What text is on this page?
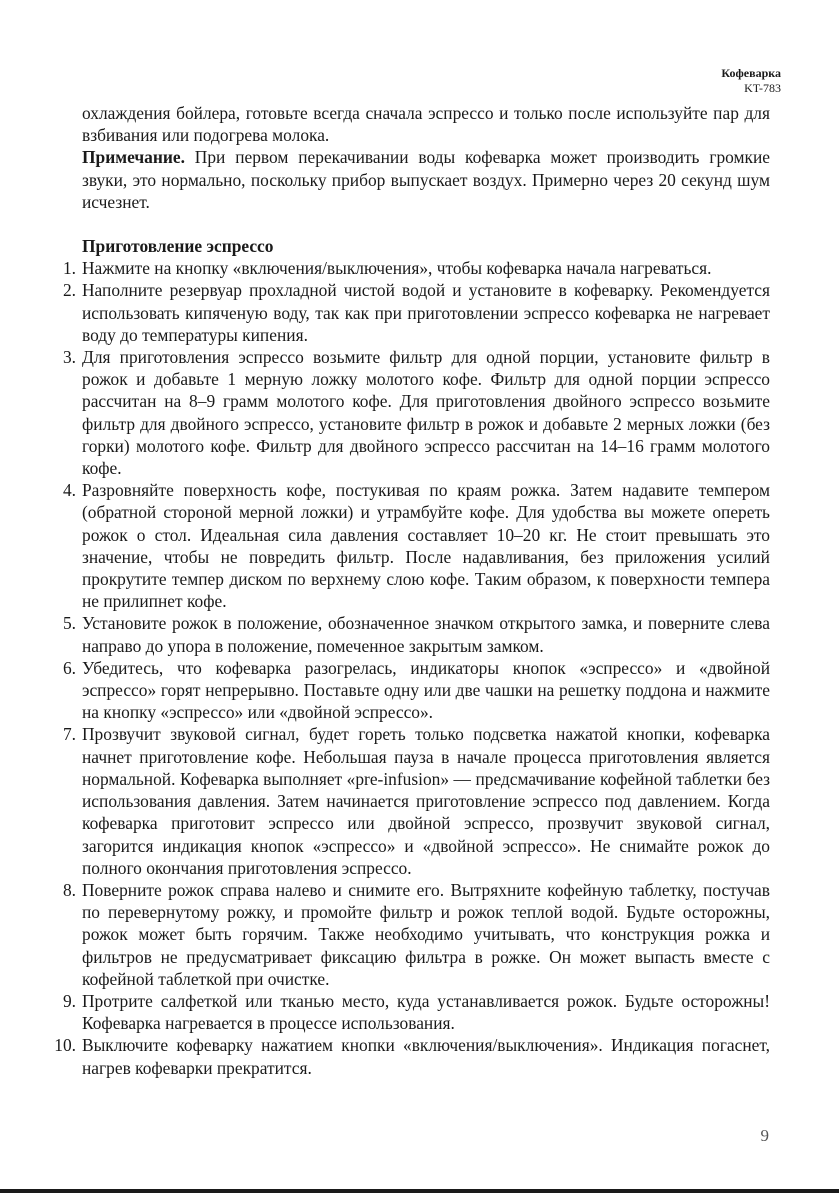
Кофеварка
KT-783

охлаждения бойлера, готовьте всегда сначала эспрессо и только после используйте пар для взбивания или подогрева молока.

Примечание. При первом перекачивании воды кофеварка может производить громкие звуки, это нормально, поскольку прибор выпускает воздух. Примерно через 20 секунд шум исчезнет.

Приготовление эспрессо

1. Нажмите на кнопку «включения/выключения», чтобы кофеварка начала нагреваться.
2. Наполните резервуар прохладной чистой водой и установите в кофеварку. Рекомендуется использовать кипяченую воду, так как при приготовлении эспрессо кофеварка не нагревает воду до температуры кипения.
3. Для приготовления эспрессо возьмите фильтр для одной порции, установите фильтр в рожок и добавьте 1 мерную ложку молотого кофе. Фильтр для одной порции эспрессо рассчитан на 8–9 грамм молотого кофе. Для приготовления двойного эспрессо возьмите фильтр для двойного эспрессо, установите фильтр в рожок и добавьте 2 мерных ложки (без горки) молотого кофе. Фильтр для двойного эспрессо рассчитан на 14–16 грамм молотого кофе.
4. Разровняйте поверхность кофе, постукивая по краям рожка. Затем надавите темпером (обратной стороной мерной ложки) и утрамбуйте кофе. Для удобства вы можете опереть рожок о стол. Идеальная сила давления составляет 10–20 кг. Не стоит превышать это значение, чтобы не повредить фильтр. После надавливания, без приложения усилий прокрутите темпер диском по верхнему слою кофе. Таким образом, к поверхности темпера не прилипнет кофе.
5. Установите рожок в положение, обозначенное значком открытого замка, и поверните слева направо до упора в положение, помеченное закрытым замком.
6. Убедитесь, что кофеварка разогрелась, индикаторы кнопок «эспрессо» и «двойной эспрессо» горят непрерывно. Поставьте одну или две чашки на решетку поддона и нажмите на кнопку «эспрессо» или «двойной эспрессо».
7. Прозвучит звуковой сигнал, будет гореть только подсветка нажатой кнопки, кофеварка начнет приготовление кофе. Небольшая пауза в начале процесса приготовления является нормальной. Кофеварка выполняет «pre-infusion» — предсмачивание кофейной таблетки без использования давления. Затем начинается приготовление эспрессо под давлением. Когда кофеварка приготовит эспрессо или двойной эспрессо, прозвучит звуковой сигнал, загорится индикация кнопок «эспрессо» и «двойной эспрессо». Не снимайте рожок до полного окончания приготовления эспрессо.
8. Поверните рожок справа налево и снимите его. Вытряхните кофейную таблетку, постучав по перевернутому рожку, и промойте фильтр и рожок теплой водой. Будьте осторожны, рожок может быть горячим. Также необходимо учитывать, что конструкция рожка и фильтров не предусматривает фиксацию фильтра в рожке. Он может выпасть вместе с кофейной таблеткой при очистке.
9. Протрите салфеткой или тканью место, куда устанавливается рожок. Будьте осторожны! Кофеварка нагревается в процессе использования.
10. Выключите кофеварку нажатием кнопки «включения/выключения». Индикация погаснет, нагрев кофеварки прекратится.
9
